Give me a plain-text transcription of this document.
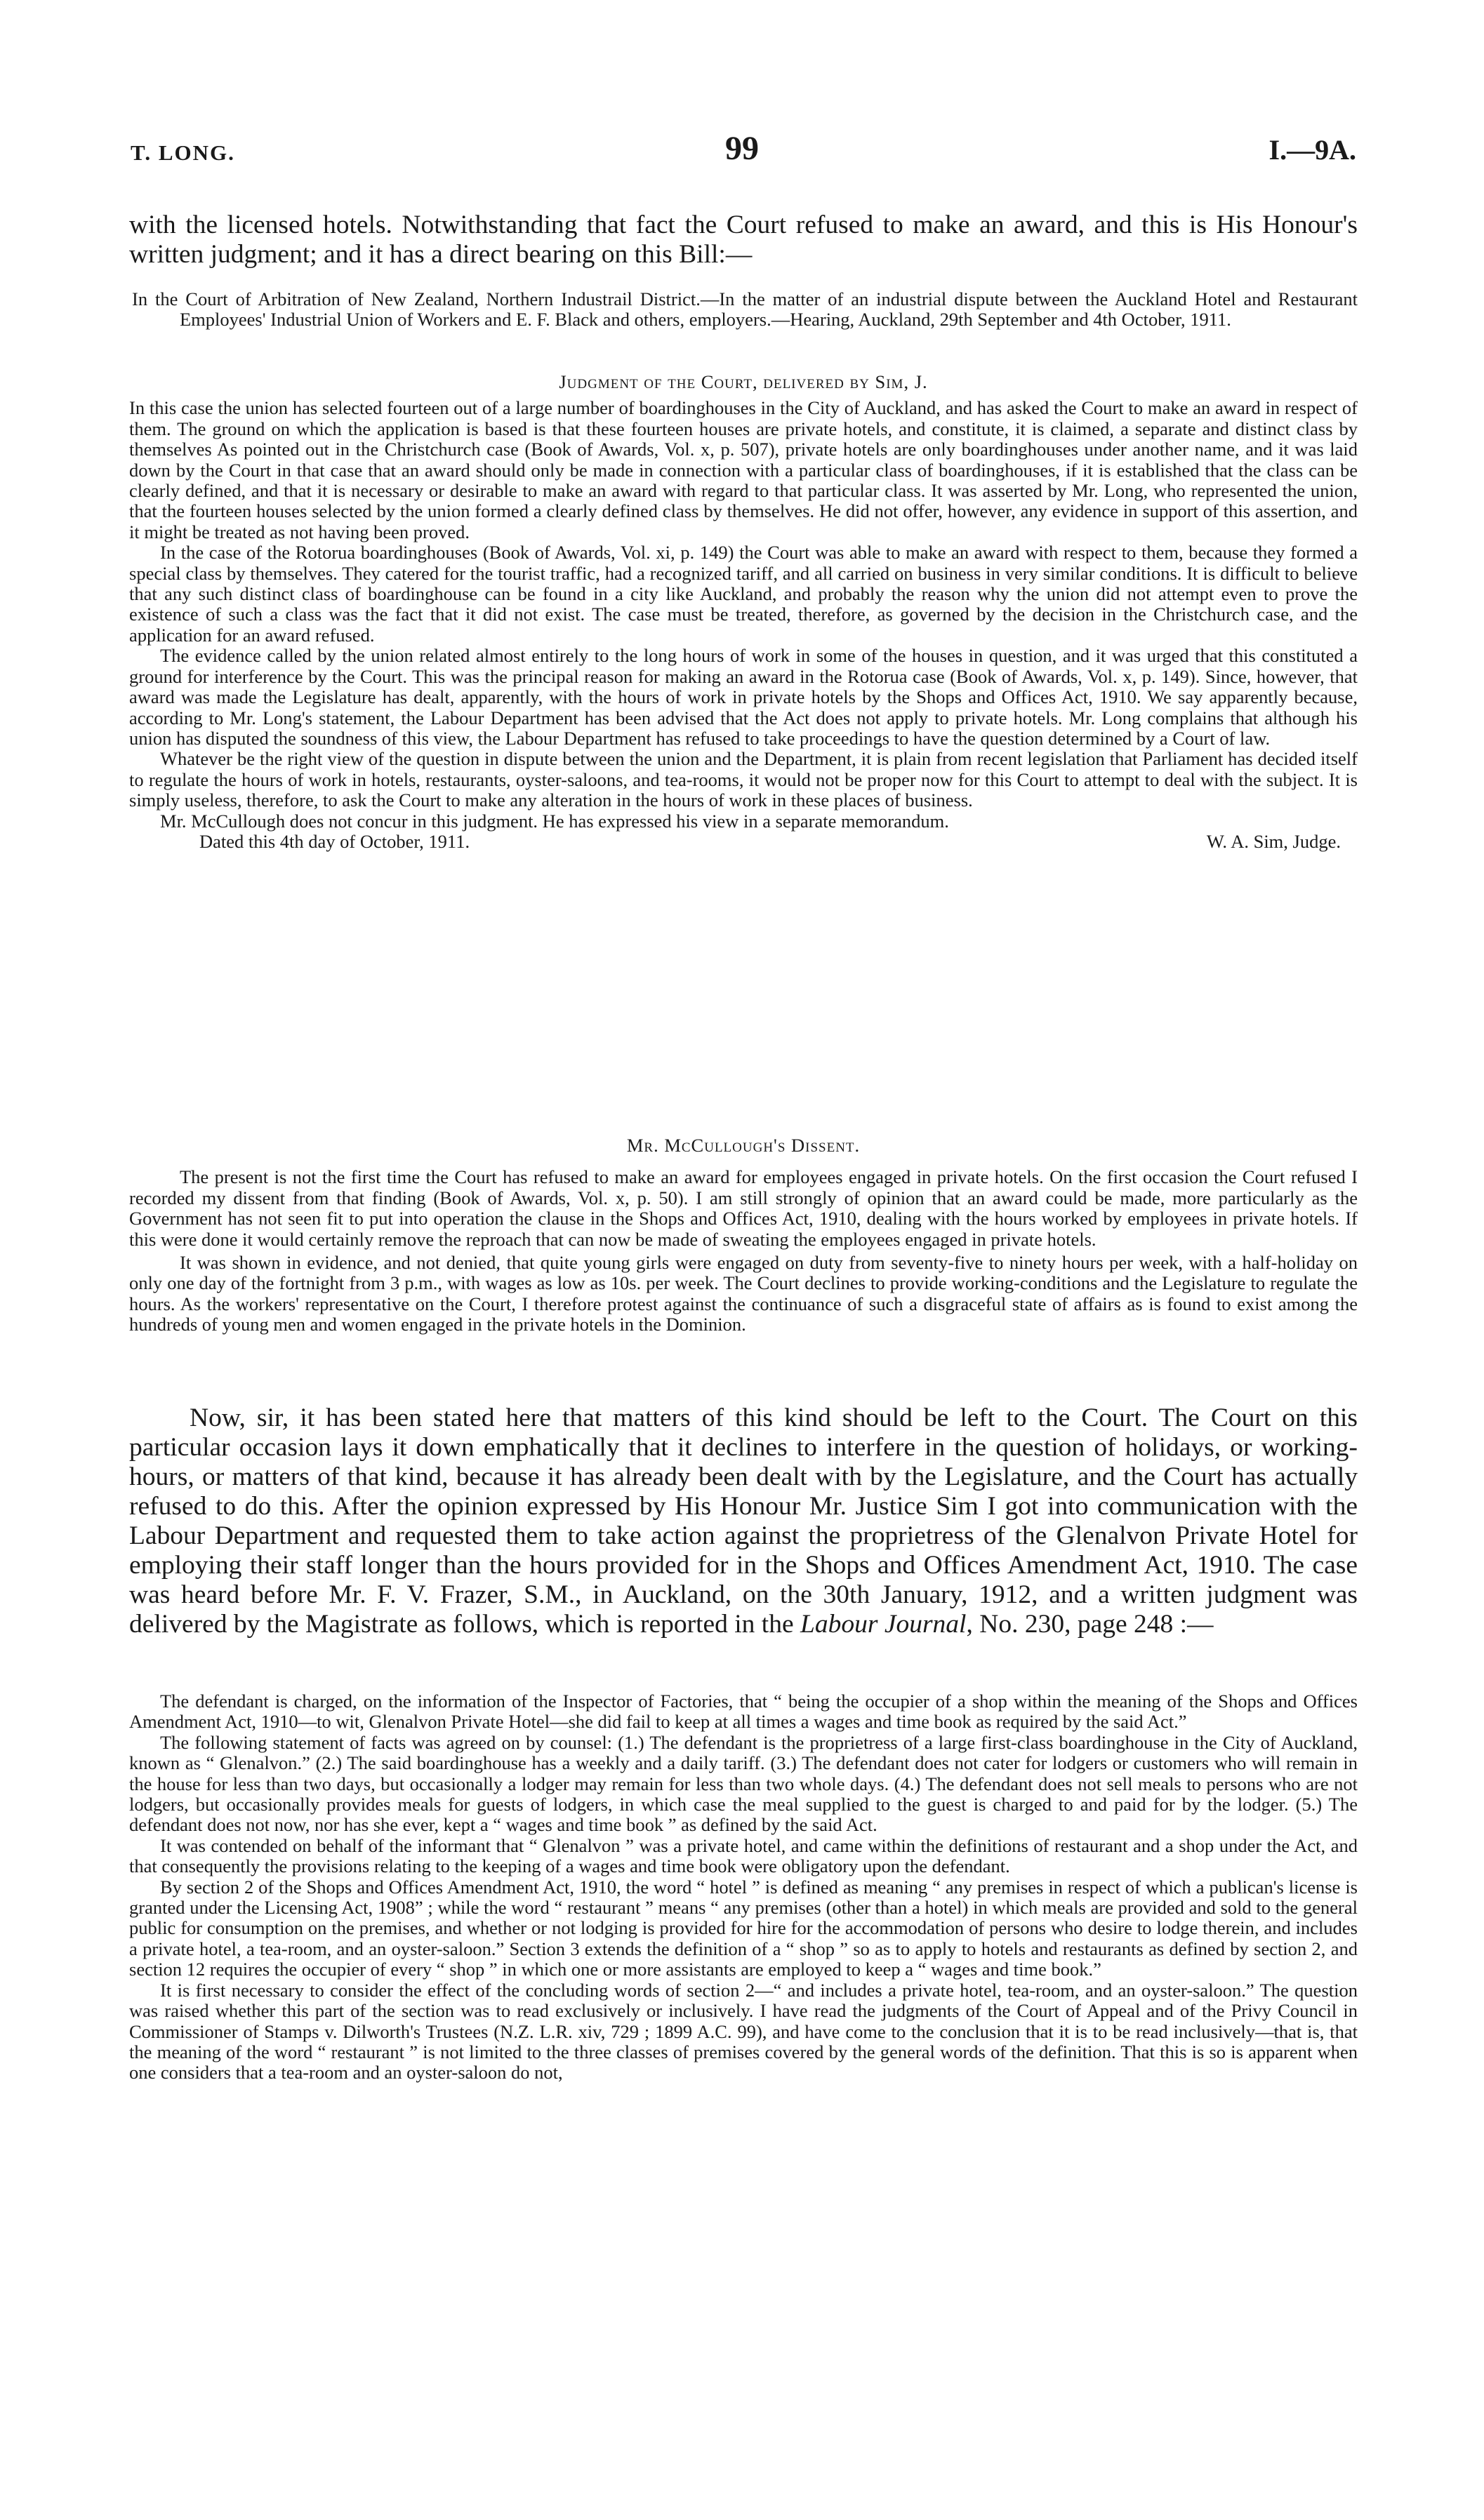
T. LONG.	99	I.—9A.

with the licensed hotels. Notwithstanding that fact the Court refused to make an award, and this is His Honour's written judgment; and it has a direct bearing on this Bill:—

In the Court of Arbitration of New Zealand, Northern Industrail District.—In the matter of an industrial dispute between the Auckland Hotel and Restaurant Employees' Industrial Union of Workers and E. F. Black and others, employers.—Hearing, Auckland, 29th September and 4th October, 1911.

Judgment of the Court, delivered by Sim, J.

In this case the union has selected fourteen out of a large number of boardinghouses in the City of Auckland, and has asked the Court to make an award in respect of them. The ground on which the application is based is that these fourteen houses are private hotels, and constitute, it is claimed, a separate and distinct class by themselves As pointed out in the Christchurch case (Book of Awards, Vol. x, p. 507), private hotels are only boardinghouses under another name, and it was laid down by the Court in that case that an award should only be made in connection with a particular class of boardinghouses, if it is established that the class can be clearly defined, and that it is necessary or desirable to make an award with regard to that particular class. It was asserted by Mr. Long, who represented the union, that the fourteen houses selected by the union formed a clearly defined class by themselves. He did not offer, however, any evidence in support of this assertion, and it might be treated as not having been proved.

In the case of the Rotorua boardinghouses (Book of Awards, Vol. xi, p. 149) the Court was able to make an award with respect to them, because they formed a special class by themselves. They catered for the tourist traffic, had a recognized tariff, and all carried on business in very similar conditions. It is difficult to believe that any such distinct class of boardinghouse can be found in a city like Auckland, and probably the reason why the union did not attempt even to prove the existence of such a class was the fact that it did not exist. The case must be treated, therefore, as governed by the decision in the Christchurch case, and the application for an award refused.

The evidence called by the union related almost entirely to the long hours of work in some of the houses in question, and it was urged that this constituted a ground for interference by the Court. This was the principal reason for making an award in the Rotorua case (Book of Awards, Vol. x, p. 149). Since, however, that award was made the Legislature has dealt, apparently, with the hours of work in private hotels by the Shops and Offices Act, 1910. We say apparently because, according to Mr. Long's statement, the Labour Department has been advised that the Act does not apply to private hotels. Mr. Long complains that although his union has disputed the soundness of this view, the Labour Department has refused to take proceedings to have the question determined by a Court of law.

Whatever be the right view of the question in dispute between the union and the Department, it is plain from recent legislation that Parliament has decided itself to regulate the hours of work in hotels, restaurants, oyster-saloons, and tea-rooms, it would not be proper now for this Court to attempt to deal with the subject. It is simply useless, therefore, to ask the Court to make any alteration in the hours of work in these places of business.

Mr. McCullough does not concur in this judgment. He has expressed his view in a separate memorandum.

Dated this 4th day of October, 1911.	W. A. Sim, Judge.

Mr. McCullough's Dissent.

The present is not the first time the Court has refused to make an award for employees engaged in private hotels. On the first occasion the Court refused I recorded my dissent from that finding (Book of Awards, Vol. x, p. 50). I am still strongly of opinion that an award could be made, more particularly as the Government has not seen fit to put into operation the clause in the Shops and Offices Act, 1910, dealing with the hours worked by employees in private hotels. If this were done it would certainly remove the reproach that can now be made of sweating the employees engaged in private hotels.

It was shown in evidence, and not denied, that quite young girls were engaged on duty from seventy-five to ninety hours per week, with a half-holiday on only one day of the fortnight from 3 p.m., with wages as low as 10s. per week. The Court declines to provide working-conditions and the Legislature to regulate the hours. As the workers' representative on the Court, I therefore protest against the continuance of such a disgraceful state of affairs as is found to exist among the hundreds of young men and women engaged in the private hotels in the Dominion.

Now, sir, it has been stated here that matters of this kind should be left to the Court. The Court on this particular occasion lays it down emphatically that it declines to interfere in the question of holidays, or working-hours, or matters of that kind, because it has already been dealt with by the Legislature, and the Court has actually refused to do this. After the opinion expressed by His Honour Mr. Justice Sim I got into communication with the Labour Department and requested them to take action against the proprietress of the Glenalvon Private Hotel for employing their staff longer than the hours provided for in the Shops and Offices Amendment Act, 1910. The case was heard before Mr. F. V. Frazer, S.M., in Auckland, on the 30th January, 1912, and a written judgment was delivered by the Magistrate as follows, which is reported in the Labour Journal, No. 230, page 248 :—

The defendant is charged, on the information of the Inspector of Factories, that “ being the occupier of a shop within the meaning of the Shops and Offices Amendment Act, 1910—to wit, Glenalvon Private Hotel—she did fail to keep at all times a wages and time book as required by the said Act.”

The following statement of facts was agreed on by counsel: (1.) The defendant is the proprietress of a large first-class boardinghouse in the City of Auckland, known as “ Glenalvon.” (2.) The said boardinghouse has a weekly and a daily tariff. (3.) The defendant does not cater for lodgers or customers who will remain in the house for less than two days, but occasionally a lodger may remain for less than two whole days. (4.) The defendant does not sell meals to persons who are not lodgers, but occasionally provides meals for guests of lodgers, in which case the meal supplied to the guest is charged to and paid for by the lodger. (5.) The defendant does not now, nor has she ever, kept a “ wages and time book ” as defined by the said Act.

It was contended on behalf of the informant that “ Glenalvon ” was a private hotel, and came within the definitions of restaurant and a shop under the Act, and that consequently the provisions relating to the keeping of a wages and time book were obligatory upon the defendant.

By section 2 of the Shops and Offices Amendment Act, 1910, the word “ hotel ” is defined as meaning “ any premises in respect of which a publican's license is granted under the Licensing Act, 1908” ; while the word “ restaurant ” means “ any premises (other than a hotel) in which meals are provided and sold to the general public for consumption on the premises, and whether or not lodging is provided for hire for the accommodation of persons who desire to lodge therein, and includes a private hotel, a tea-room, and an oyster-saloon.” Section 3 extends the definition of a “ shop ” so as to apply to hotels and restaurants as defined by section 2, and section 12 requires the occupier of every “ shop ” in which one or more assistants are employed to keep a “ wages and time book.”

It is first necessary to consider the effect of the concluding words of section 2—“ and includes a private hotel, tea-room, and an oyster-saloon.” The question was raised whether this part of the section was to read exclusively or inclusively. I have read the judgments of the Court of Appeal and of the Privy Council in Commissioner of Stamps v. Dilworth's Trustees (N.Z. L.R. xiv, 729 ; 1899 A.C. 99), and have come to the conclusion that it is to be read inclusively—that is, that the meaning of the word “ restaurant ” is not limited to the three classes of premises covered by the general words of the definition. That this is so is apparent when one considers that a tea-room and an oyster-saloon do not,
